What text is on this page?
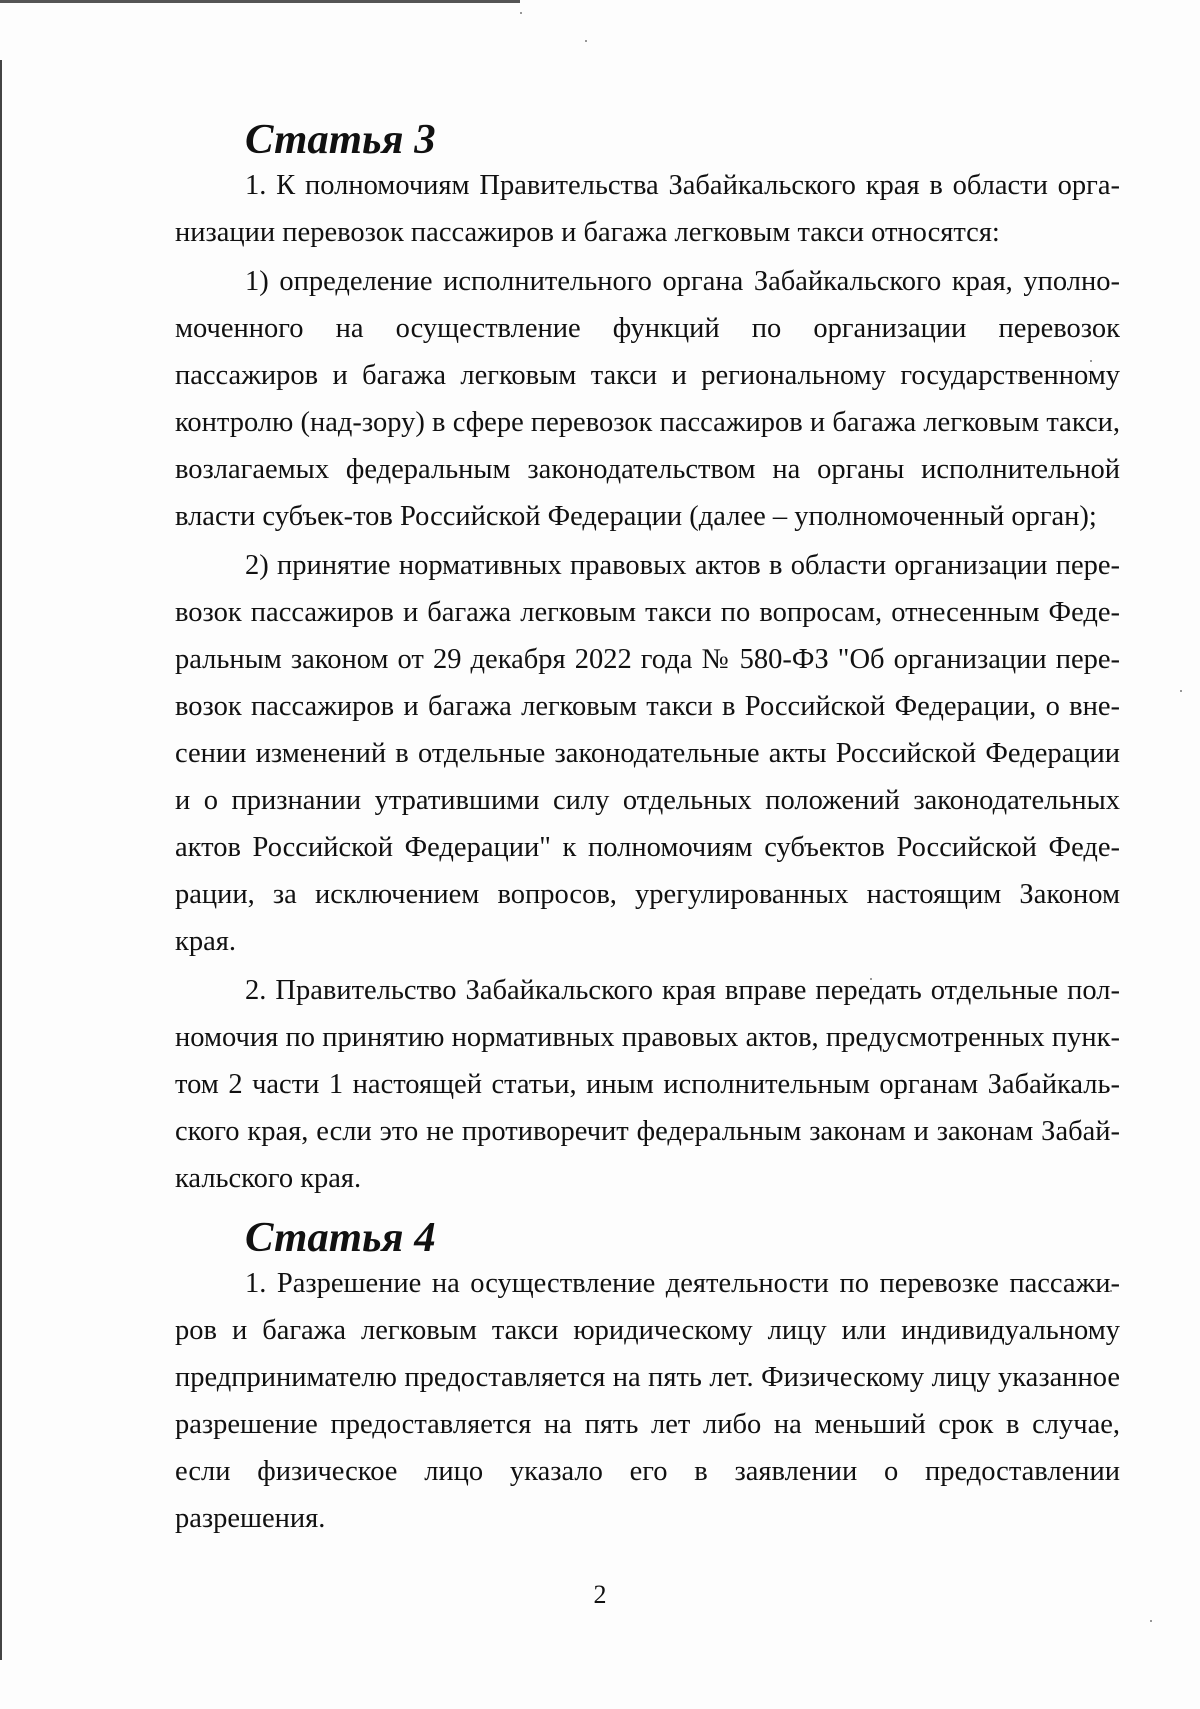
Статья 3

1. К полномочиям Правительства Забайкальского края в области орга-низации перевозок пассажиров и багажа легковым такси относятся:

1) определение исполнительного органа Забайкальского края, уполно-моченного на осуществление функций по организации перевозок пассажиров и багажа легковым такси и региональному государственному контролю (над-зору) в сфере перевозок пассажиров и багажа легковым такси, возлагаемых федеральным законодательством на органы исполнительной власти субъек-тов Российской Федерации (далее – уполномоченный орган);

2) принятие нормативных правовых актов в области организации пере-возок пассажиров и багажа легковым такси по вопросам, отнесенным Феде-ральным законом от 29 декабря 2022 года № 580-ФЗ "Об организации пере-возок пассажиров и багажа легковым такси в Российской Федерации, о вне-сении изменений в отдельные законодательные акты Российской Федерации и о признании утратившими силу отдельных положений законодательных актов Российской Федерации" к полномочиям субъектов Российской Феде-рации, за исключением вопросов, урегулированных настоящим Законом края.

2. Правительство Забайкальского края вправе передать отдельные пол-номочия по принятию нормативных правовых актов, предусмотренных пунк-том 2 части 1 настоящей статьи, иным исполнительным органам Забайкаль-ского края, если это не противоречит федеральным законам и законам Забай-кальского края.

Статья 4

1. Разрешение на осуществление деятельности по перевозке пассажи-ров и багажа легковым такси юридическому лицу или индивидуальному предпринимателю предоставляется на пять лет. Физическому лицу указанное разрешение предоставляется на пять лет либо на меньший срок в случае, если физическое лицо указало его в заявлении о предоставлении разрешения.

2
